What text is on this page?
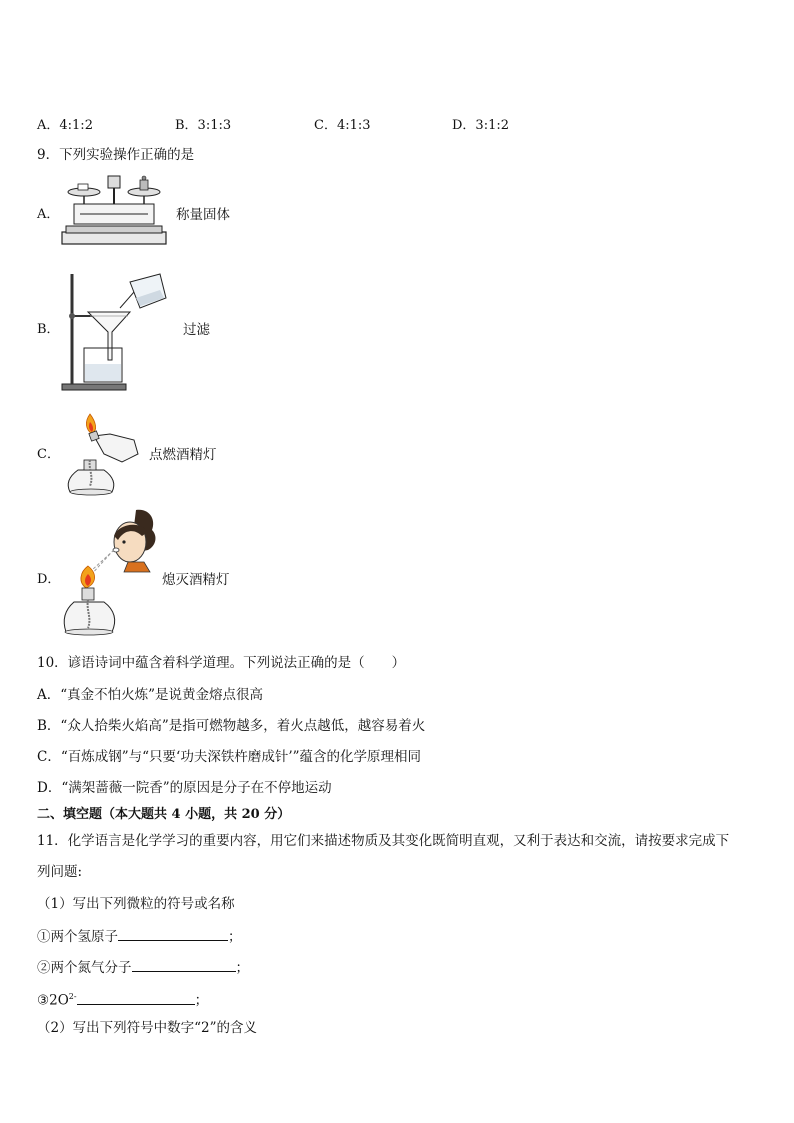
A．4:1:2	B．3:1:3	C．4:1:3	D．3:1:2
9．下列实验操作正确的是
A．	称量固体
B．	过滤
C．	点燃酒精灯
D．	熄灭酒精灯
10．谚语诗词中蕴含着科学道理。下列说法正确的是（　　）
A．“真金不怕火炼”是说黄金熔点很高
B．“众人拾柴火焰高”是指可燃物越多，着火点越低，越容易着火
C．“百炼成钢”与“只要‘功夫深铁杵磨成针’”蕴含的化学原理相同
D．“满架蔷薇一院香”的原因是分子在不停地运动
二、填空题（本大题共 4 小题，共 20 分）
11．化学语言是化学学习的重要内容，用它们来描述物质及其变化既简明直观，又利于表达和交流，请按要求完成下
列问题:
（1）写出下列微粒的符号或名称
①两个氢原子	；
②两个氮气分子	；
$③2O^{2-}$	；
（2）写出下列符号中数字“2”的含义
